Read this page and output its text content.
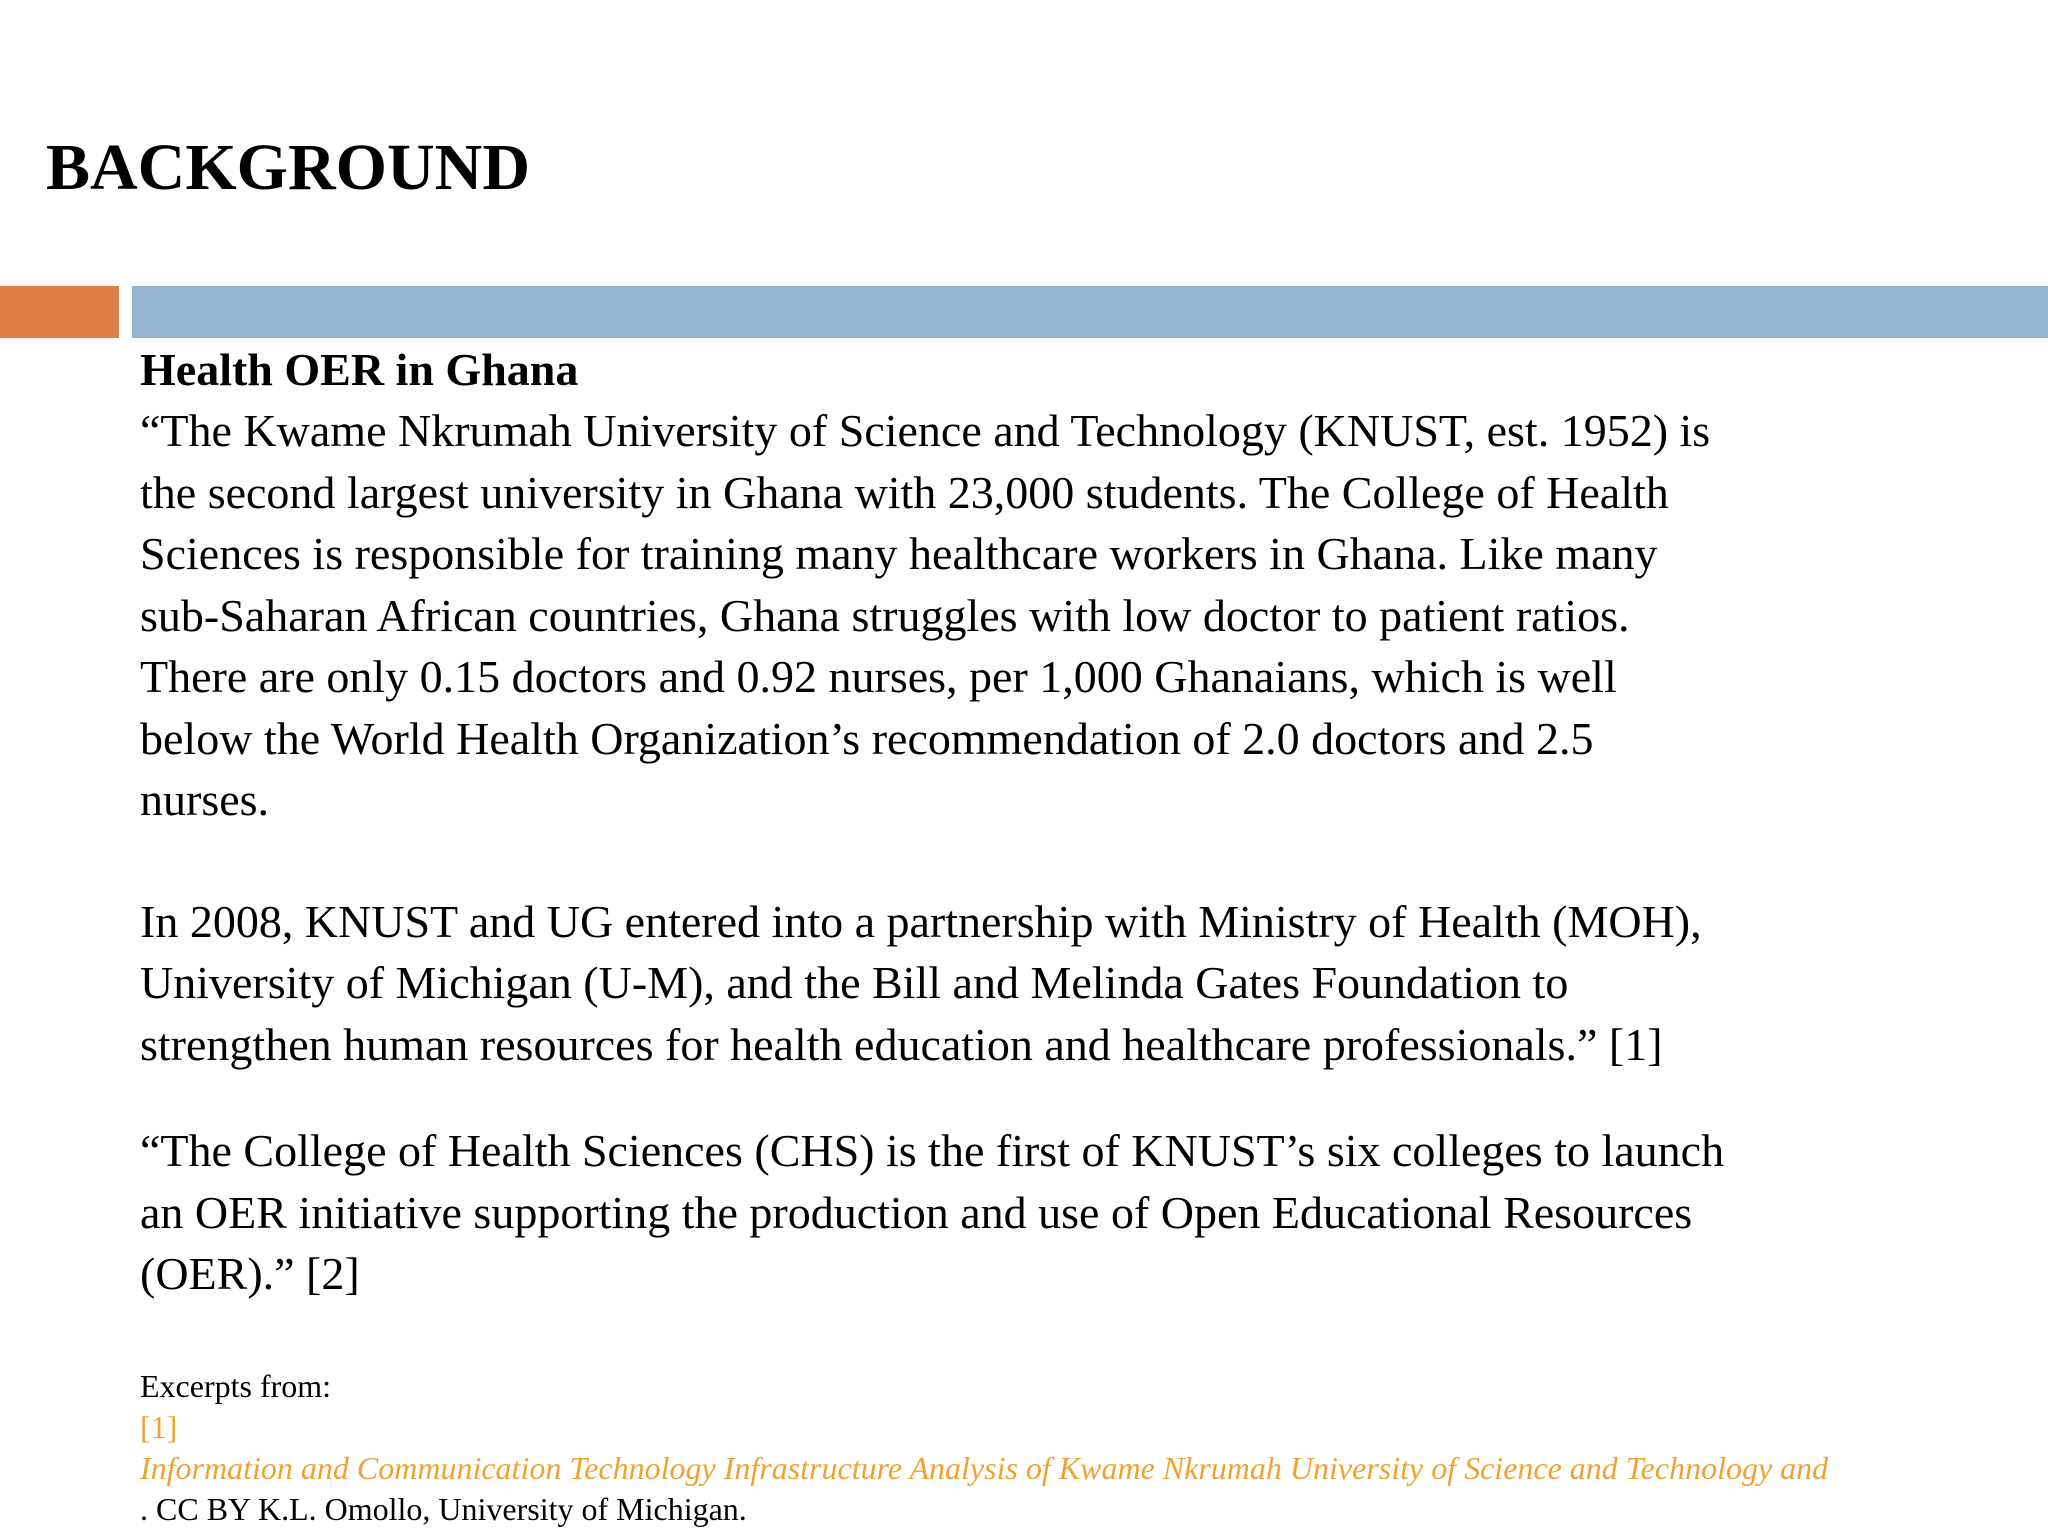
BACKGROUND
Health OER in Ghana
“The Kwame Nkrumah University of Science and Technology (KNUST, est. 1952) is
the second largest university in Ghana with 23,000 students. The College of Health
Sciences is responsible for training many healthcare workers in Ghana. Like many
sub-Saharan African countries, Ghana struggles with low doctor to patient ratios.
There are only 0.15 doctors and 0.92 nurses, per 1,000 Ghanaians, which is well
below the World Health Organization’s recommendation of 2.0 doctors and 2.5
nurses.
In 2008, KNUST and UG entered into a partnership with Ministry of Health (MOH),
University of Michigan (U-M), and the Bill and Melinda Gates Foundation to
strengthen human resources for health education and healthcare professionals.” [1]
“The College of Health Sciences (CHS) is the first of KNUST’s six colleges to launch
an OER initiative supporting the production and use of Open Educational Resources
(OER).” [2]
Excerpts from:
[1]
Information and Communication Technology Infrastructure Analysis of Kwame Nkrumah University of Science and Technology and
. CC BY K.L. Omollo, University of Michigan.
